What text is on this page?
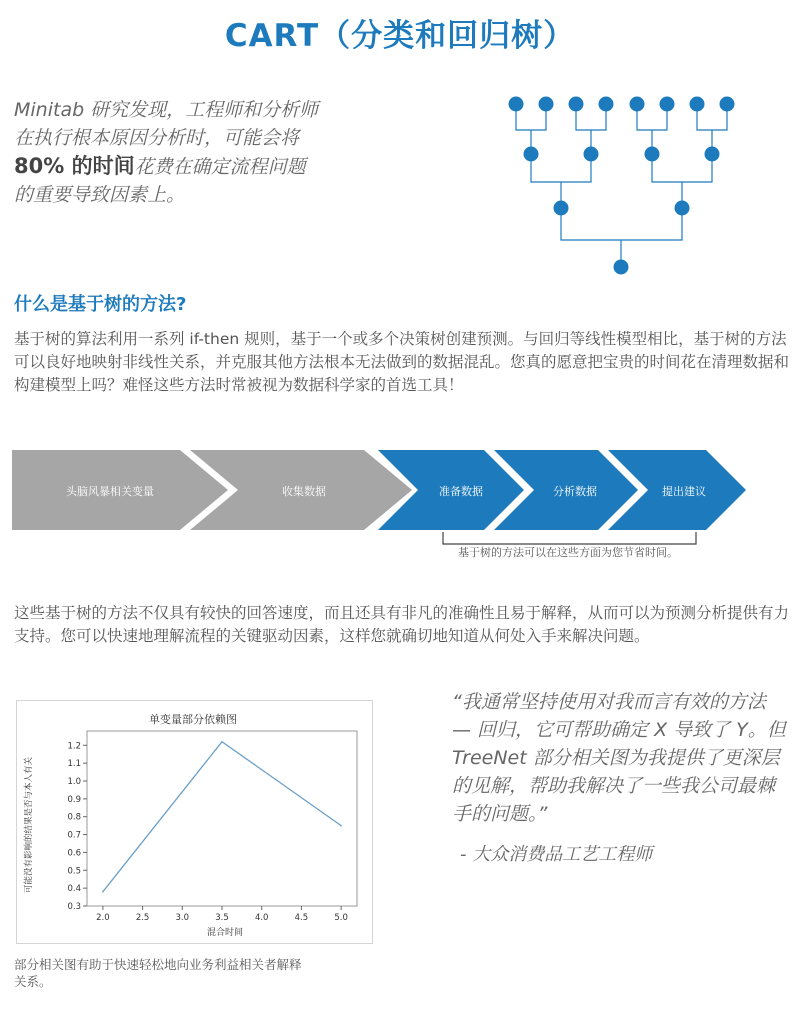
CART（分类和回归树）
Minitab 研究发现，工程师和分析师在执行根本原因分析时，可能会将 80% 的时间花费在确定流程问题的重要导致因素上。
什么是基于树的方法?
基于树的算法利用一系列 if-then 规则，基于一个或多个决策树创建预测。与回归等线性模型相比，基于树的方法可以良好地映射非线性关系，并克服其他方法根本无法做到的数据混乱。您真的愿意把宝贵的时间花在清理数据和构建模型上吗？难怪这些方法时常被视为数据科学家的首选工具！
头脑风暴相关变量	收集数据	准备数据	分析数据	提出建议
基于树的方法可以在这些方面为您节省时间。
这些基于树的方法不仅具有较快的回答速度，而且还具有非凡的准确性且易于解释，从而可以为预测分析提供有力支持。您可以快速地理解流程的关键驱动因素，这样您就确切地知道从何处入手来解决问题。
单变量部分依赖图
可能没有影响的结果是否与本人有关
混合时间
2.0	2.5	3.0	3.5	4.0	4.5	5.0
0.3
0.4
0.5
0.6
0.7
0.8
0.9
1.0
1.1
1.2
部分相关图有助于快速轻松地向业务利益相关者解释关系。
“我通常坚持使用对我而言有效的方法 — 回归，它可帮助确定 X 导致了 Y。但 TreeNet 部分相关图为我提供了更深层的见解，帮助我解决了一些我公司最棘手的问题。”
- 大众消费品工艺工程师
